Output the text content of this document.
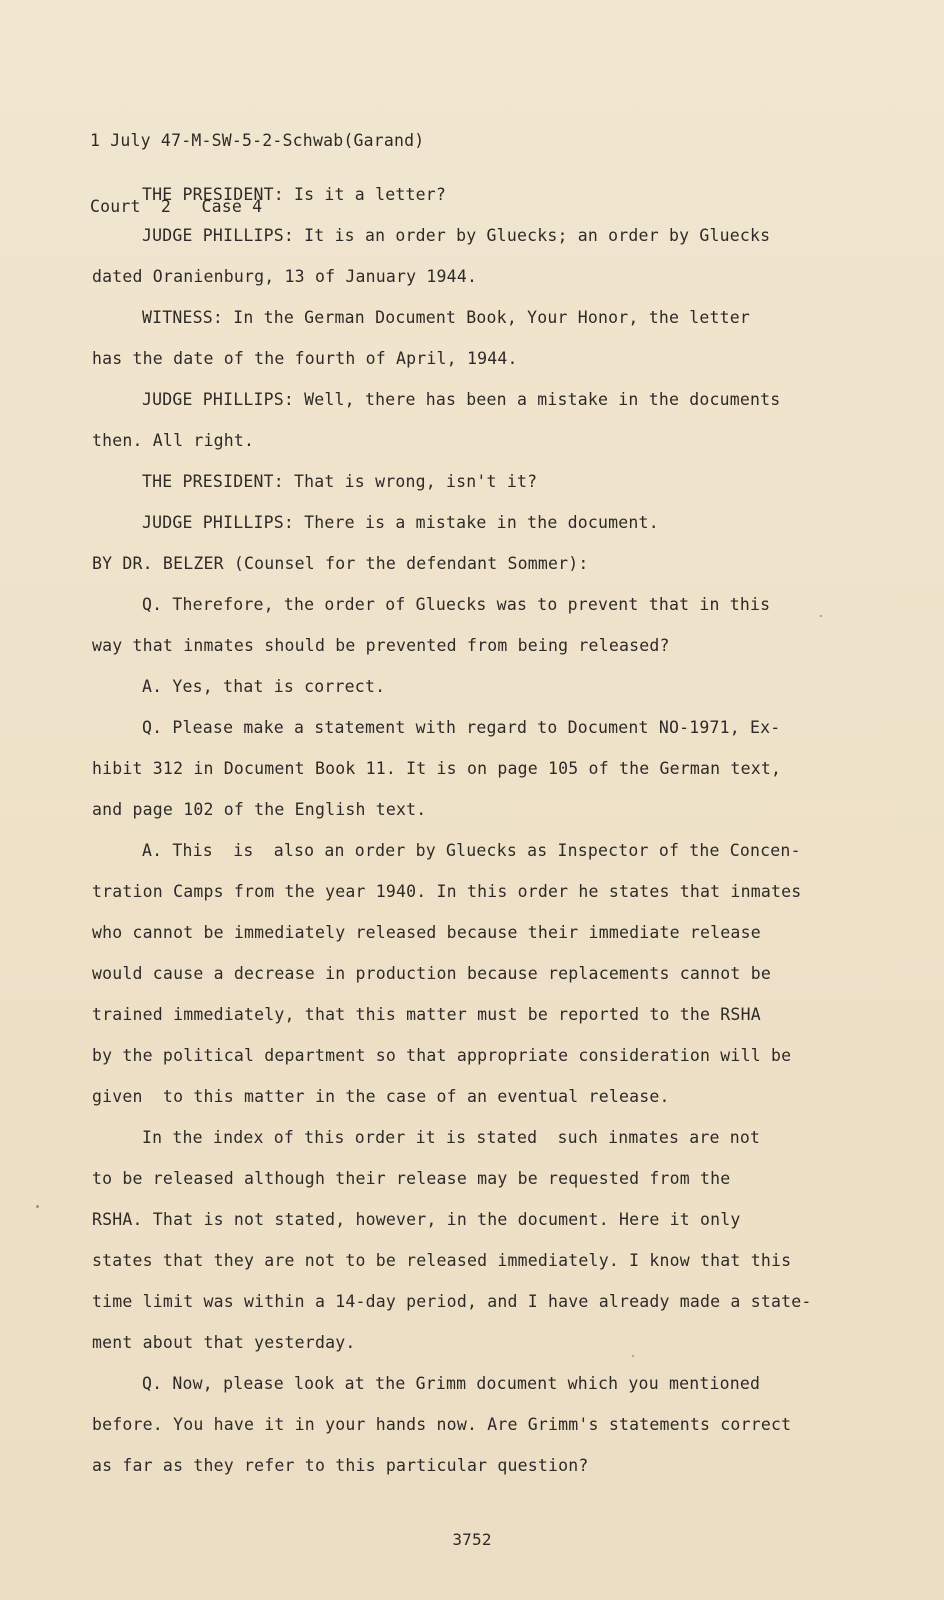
1 July 47-M-SW-5-2-Schwab(Garand)

Court  2   Case 4

THE PRESIDENT: Is it a letter?
JUDGE PHILLIPS: It is an order by Gluecks; an order by Gluecks
dated Oranienburg, 13 of January 1944.
WITNESS: In the German Document Book, Your Honor, the letter
has the date of the fourth of April, 1944.
JUDGE PHILLIPS: Well, there has been a mistake in the documents
then. All right.
THE PRESIDENT: That is wrong, isn't it?
JUDGE PHILLIPS: There is a mistake in the document.
BY DR. BELZER (Counsel for the defendant Sommer):
Q. Therefore, the order of Gluecks was to prevent that in this
way that inmates should be prevented from being released?
A. Yes, that is correct.
Q. Please make a statement with regard to Document NO-1971, Ex-
hibit 312 in Document Book 11. It is on page 105 of the German text,
and page 102 of the English text.
A. This  is  also an order by Gluecks as Inspector of the Concen-
tration Camps from the year 1940. In this order he states that inmates
who cannot be immediately released because their immediate release
would cause a decrease in production because replacements cannot be
trained immediately, that this matter must be reported to the RSHA
by the political department so that appropriate consideration will be
given  to this matter in the case of an eventual release.
In the index of this order it is stated  such inmates are not
to be released although their release may be requested from the
RSHA. That is not stated, however, in the document. Here it only
states that they are not to be released immediately. I know that this
time limit was within a 14-day period, and I have already made a state-
ment about that yesterday.
Q. Now, please look at the Grimm document which you mentioned
before. You have it in your hands now. Are Grimm's statements correct
as far as they refer to this particular question?
3752
